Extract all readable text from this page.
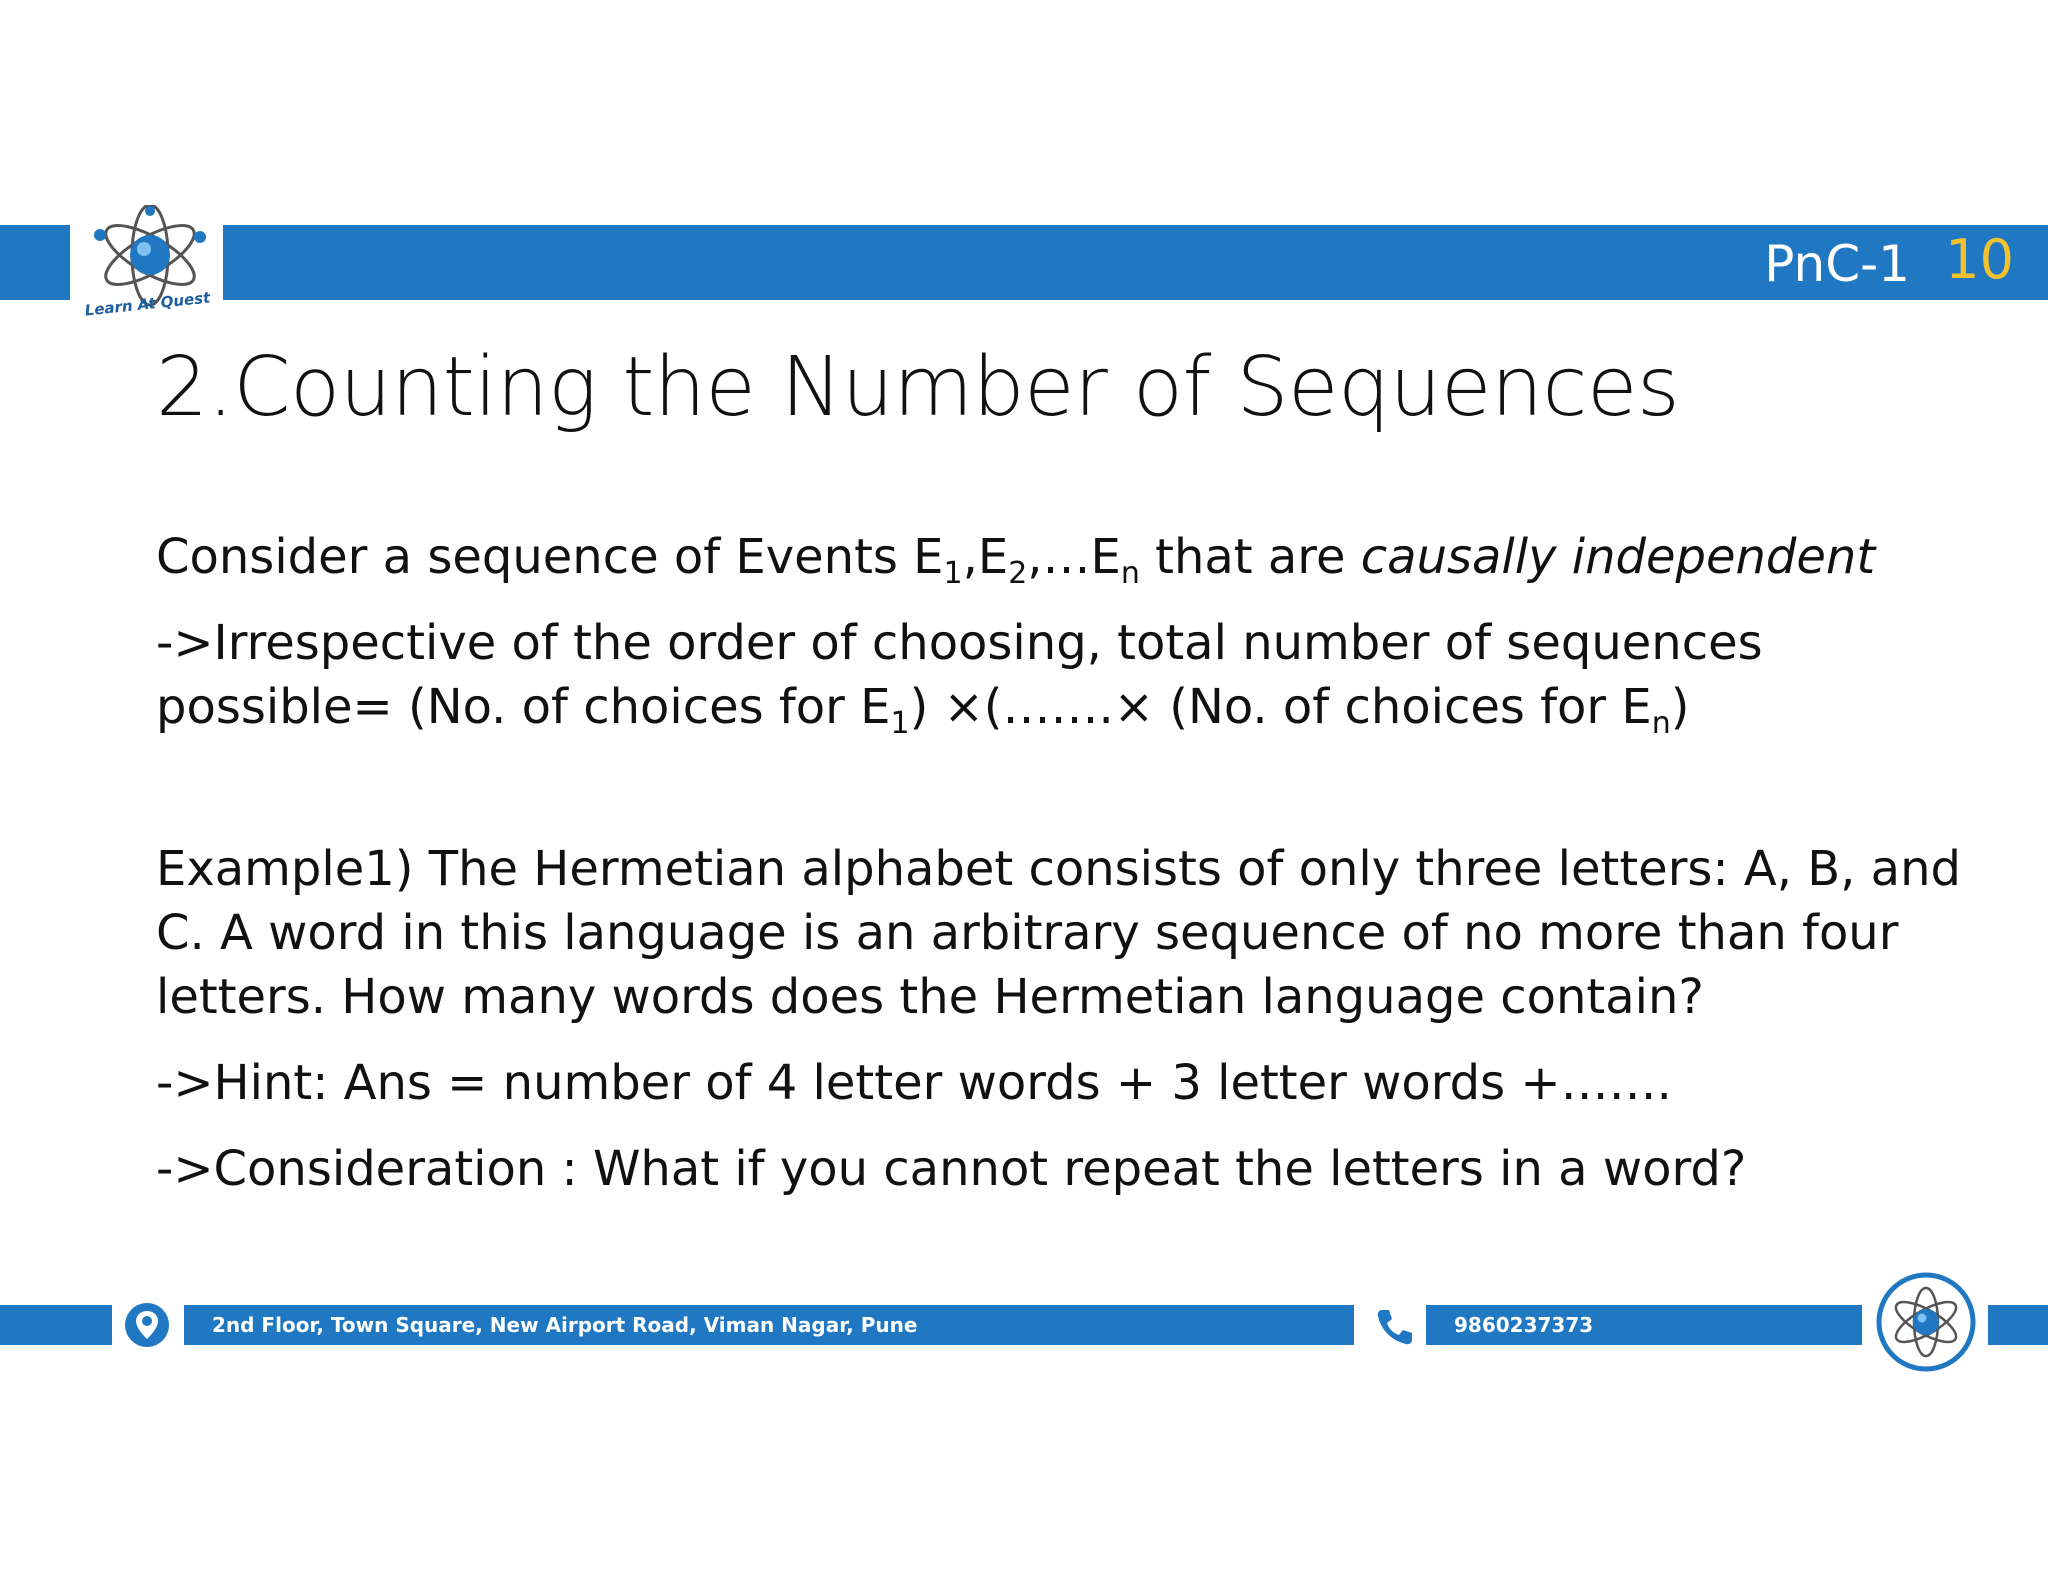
Learn At Quest
PnC-1 10
2.Counting the Number of Sequences

Consider a sequence of Events $E_1,E_2,\dots E_n$ that are causally independent

->Irrespective of the order of choosing, total number of sequences possible= (No. of choices for $E_1$) ×(…….× (No. of choices for $E_n$)

Example1) The Hermetian alphabet consists of only three letters: A, B, and C. A word in this language is an arbitrary sequence of no more than four letters. How many words does the Hermetian language contain?

->Hint: Ans = number of 4 letter words + 3 letter words +…….

->Consideration : What if you cannot repeat the letters in a word?

2nd Floor, Town Square, New Airport Road, Viman Nagar, Pune	9860237373
